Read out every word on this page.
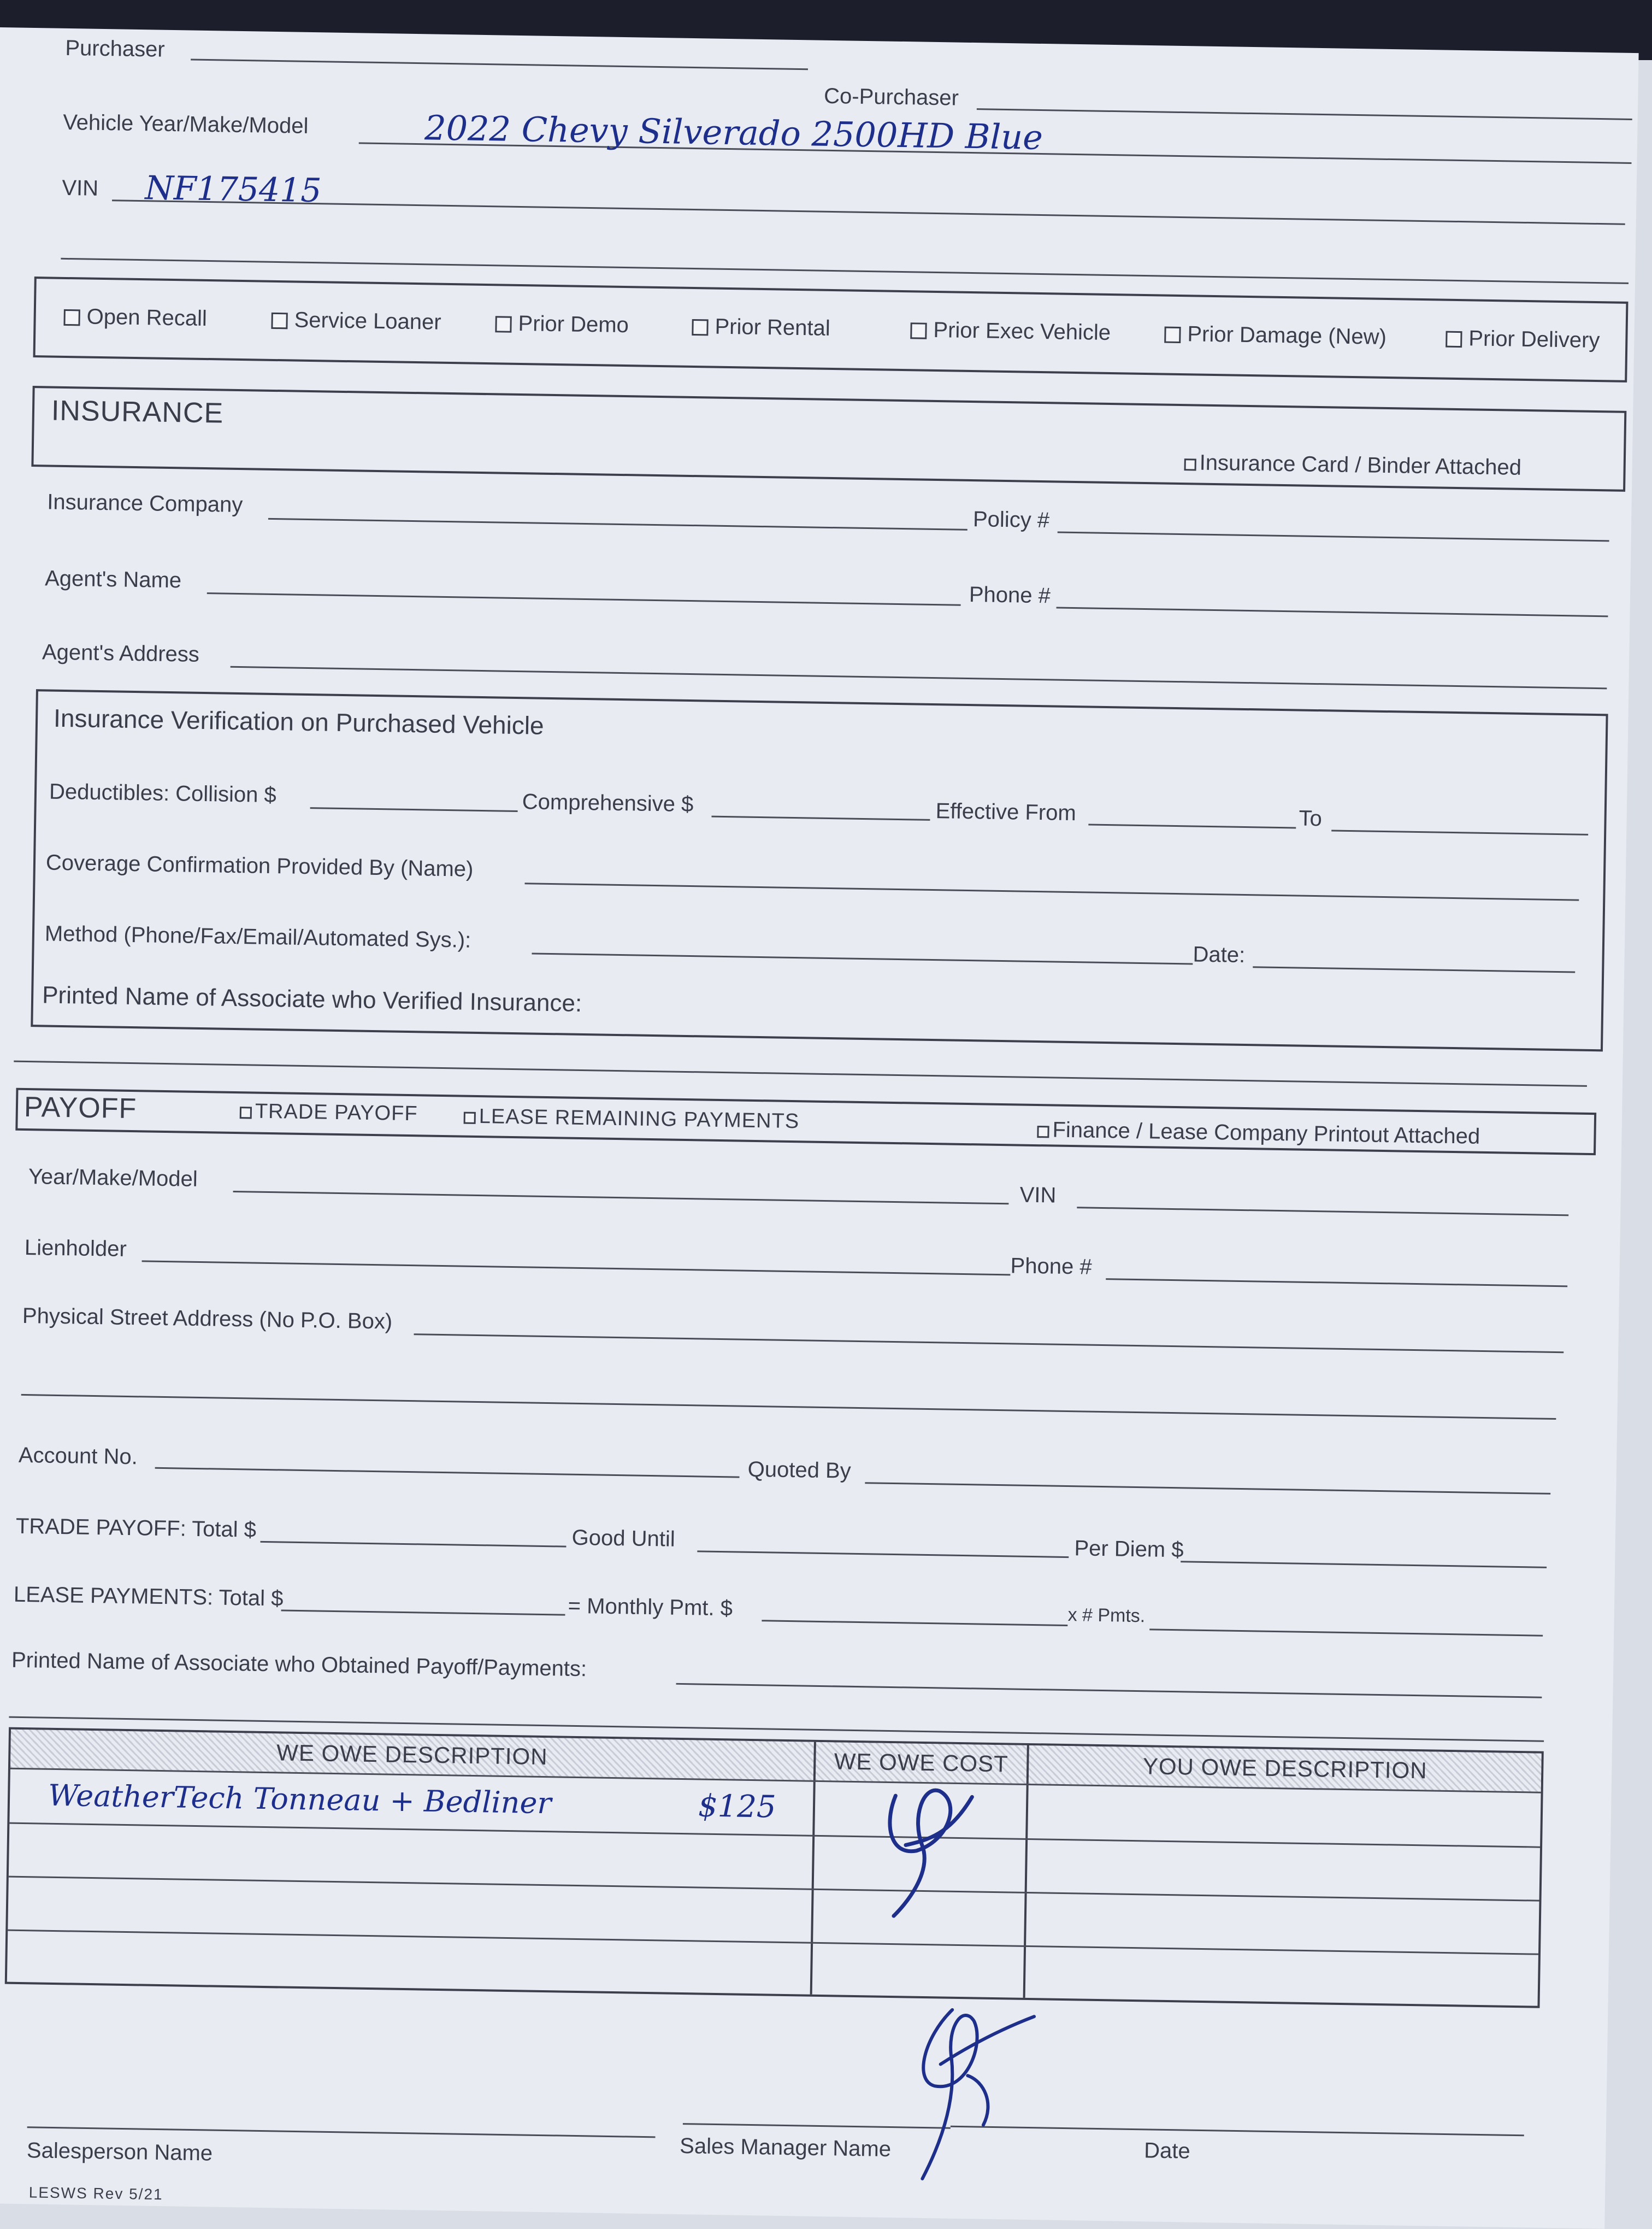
Purchaser
Co-Purchaser
Vehicle Year/Make/Model	2022 Chevy Silverado 2500HD Blue
VIN NF175415
Open Recall	Service Loaner	Prior Demo	Prior Rental	Prior Exec Vehicle	Prior Damage (New)	Prior Delivery
INSURANCE
Insurance Card / Binder Attached
Insurance Company
Policy #
Agent's Name
Phone #
Agent's Address
Insurance Verification on Purchased Vehicle
Deductibles: Collision $	Comprehensive $	Effective From	To
Coverage Confirmation Provided By (Name)
Method (Phone/Fax/Email/Automated Sys.):
Date:
Printed Name of Associate who Verified Insurance:
PAYOFF	TRADE PAYOFF	LEASE REMAINING PAYMENTS	Finance / Lease Company Printout Attached
Year/Make/Model
VIN
Lienholder
Phone #
Physical Street Address (No P.O. Box)
Account No.
Quoted By
TRADE PAYOFF: Total $	Good Until	Per Diem $
LEASE PAYMENTS: Total $	= Monthly Pmt. $	x # Pmts.
Printed Name of Associate who Obtained Payoff/Payments:
WE OWE DESCRIPTION	WE OWE COST	YOU OWE DESCRIPTION
WeatherTech Tonneau + Bedliner	$125
Salesperson Name	Sales Manager Name	Date
LESWS Rev 5/21
